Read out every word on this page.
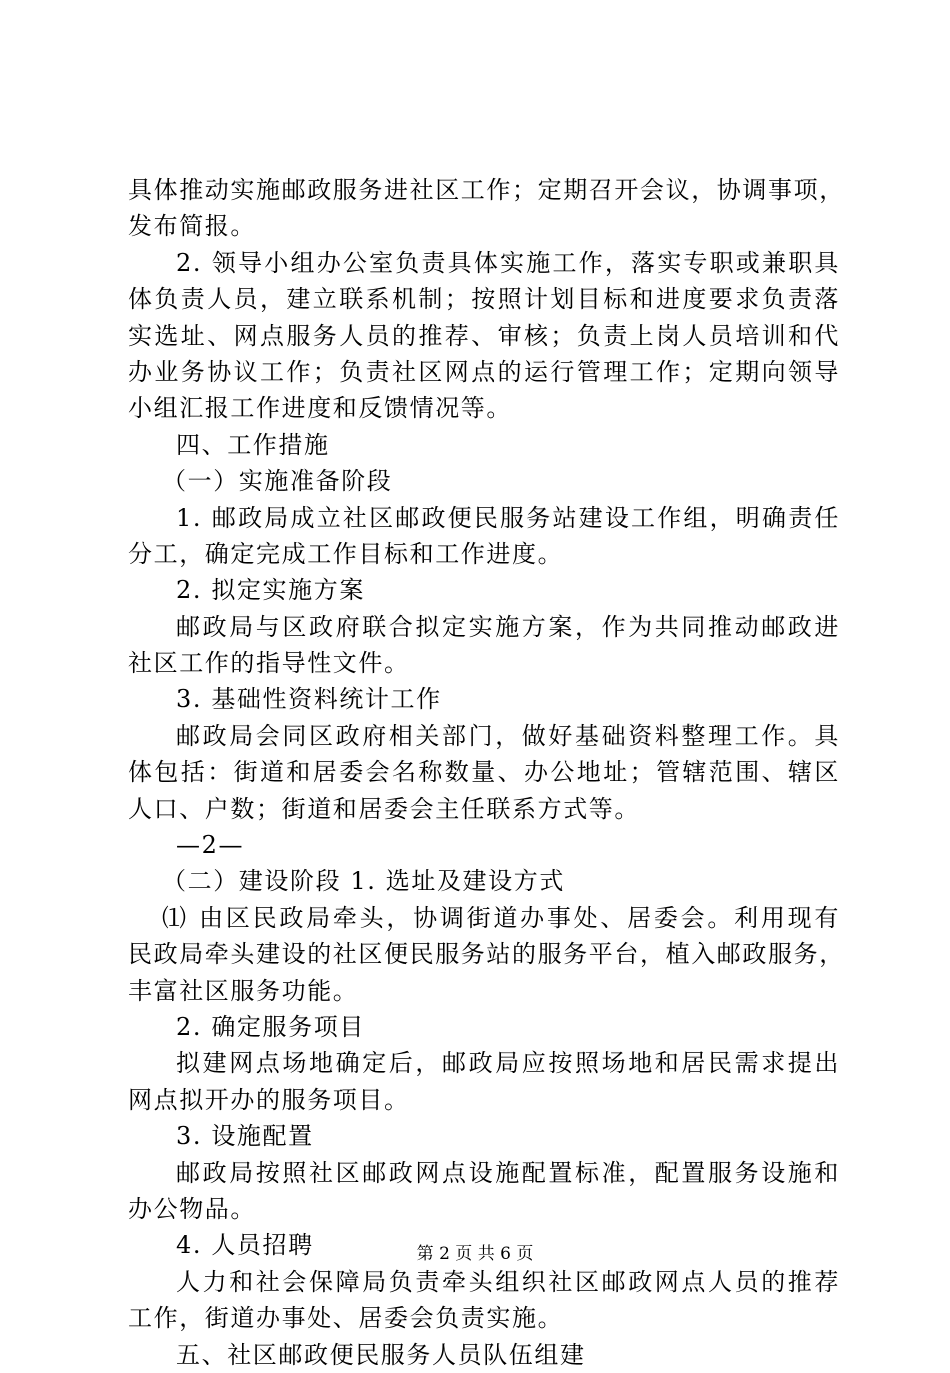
具体推动实施邮政服务进社区工作；定期召开会议，协调事项，
发布简报。
2. 领导小组办公室负责具体实施工作，落实专职或兼职具
体负责人员，建立联系机制；按照计划目标和进度要求负责落
实选址、网点服务人员的推荐、审核；负责上岗人员培训和代
办业务协议工作；负责社区网点的运行管理工作；定期向领导
小组汇报工作进度和反馈情况等。
四、工作措施
（一）实施准备阶段
1. 邮政局成立社区邮政便民服务站建设工作组，明确责任
分工，确定完成工作目标和工作进度。
2. 拟定实施方案
邮政局与区政府联合拟定实施方案，作为共同推动邮政进
社区工作的指导性文件。
3. 基础性资料统计工作
邮政局会同区政府相关部门，做好基础资料整理工作。具
体包括：街道和居委会名称数量、办公地址；管辖范围、辖区
人口、户数；街道和居委会主任联系方式等。
—2—
（二）建设阶段 1. 选址及建设方式
⑴ 由区民政局牵头，协调街道办事处、居委会。利用现有
民政局牵头建设的社区便民服务站的服务平台，植入邮政服务，
丰富社区服务功能。
2. 确定服务项目
拟建网点场地确定后，邮政局应按照场地和居民需求提出
网点拟开办的服务项目。
3. 设施配置
邮政局按照社区邮政网点设施配置标准，配置服务设施和
办公物品。
4. 人员招聘
人力和社会保障局负责牵头组织社区邮政网点人员的推荐
工作，街道办事处、居委会负责实施。
五、社区邮政便民服务人员队伍组建
第 2 页 共 6 页
